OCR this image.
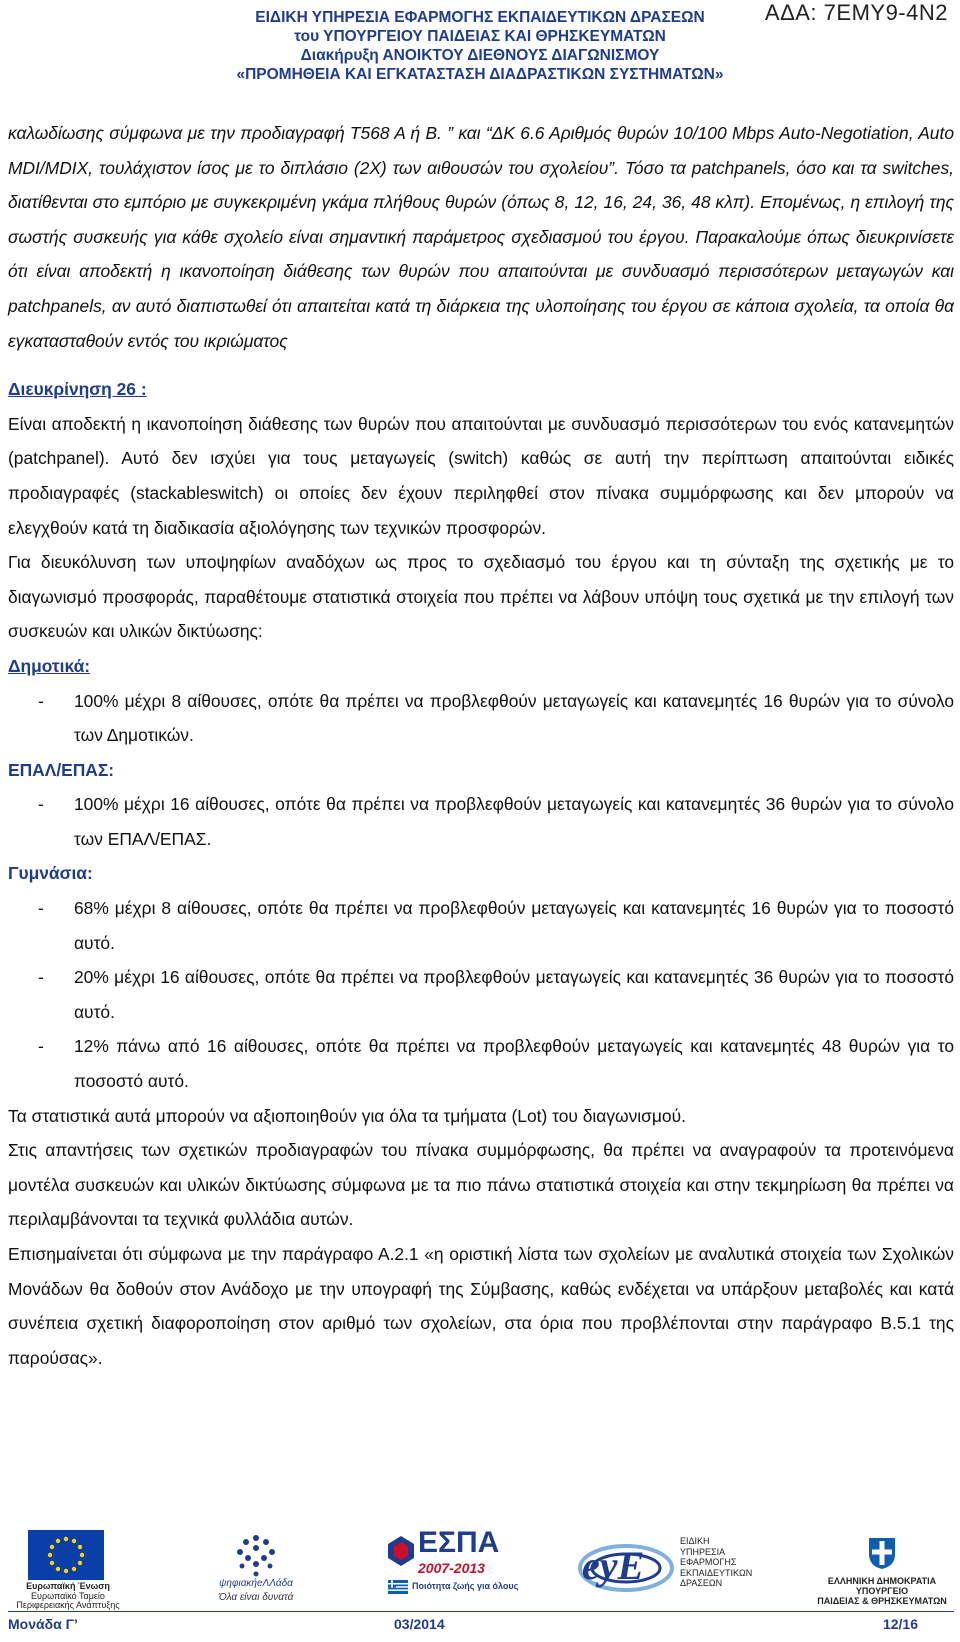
ΑΔΑ: 7ΕΜΥ9-4Ν2
ΕΙΔΙΚΗ ΥΠΗΡΕΣΙΑ ΕΦΑΡΜΟΓΗΣ ΕΚΠΑΙΔΕΥΤΙΚΩΝ ΔΡΑΣΕΩΝ
του ΥΠΟΥΡΓΕΙΟΥ ΠΑΙΔΕΙΑΣ ΚΑΙ ΘΡΗΣΚΕΥΜΑΤΩΝ
Διακήρυξη ΑΝΟΙΚΤΟΥ ΔΙΕΘΝΟΥΣ ΔΙΑΓΩΝΙΣΜΟΥ
«ΠΡΟΜΗΘΕΙΑ ΚΑΙ ΕΓΚΑΤΑΣΤΑΣΗ ΔΙΑΔΡΑΣΤΙΚΩΝ ΣΥΣΤΗΜΑΤΩΝ»

καλωδίωσης σύμφωνα με την προδιαγραφή T568 A ή B. ” και “ΔΚ 6.6 Αριθμός θυρών 10/100 Mbps Auto-Negotiation, Auto MDI/MDIX, τουλάχιστον ίσος με το διπλάσιο (2X) των αιθουσών του σχολείου”. Τόσο τα patchpanels, όσο και τα switches, διατίθενται στο εμπόριο με συγκεκριμένη γκάμα πλήθους θυρών (όπως 8, 12, 16, 24, 36, 48 κλπ). Επομένως, η επιλογή της σωστής συσκευής για κάθε σχολείο είναι σημαντική παράμετρος σχεδιασμού του έργου. Παρακαλούμε όπως διευκρινίσετε ότι είναι αποδεκτή η ικανοποίηση διάθεσης των θυρών που απαιτούνται με συνδυασμό περισσότερων μεταγωγών και patchpanels, αν αυτό διαπιστωθεί ότι απαιτείται κατά τη διάρκεια της υλοποίησης του έργου σε κάποια σχολεία, τα οποία θα εγκατασταθούν εντός του ικριώματος

Διευκρίνηση 26 :

Είναι αποδεκτή η ικανοποίηση διάθεσης των θυρών που απαιτούνται με συνδυασμό περισσότερων του ενός κατανεμητών (patchpanel). Αυτό δεν ισχύει για τους μεταγωγείς (switch) καθώς σε αυτή την περίπτωση απαιτούνται ειδικές προδιαγραφές (stackableswitch) οι οποίες δεν έχουν περιληφθεί στον πίνακα συμμόρφωσης και δεν μπορούν να ελεγχθούν κατά τη διαδικασία αξιολόγησης των τεχνικών προσφορών.

Για διευκόλυνση των υποψηφίων αναδόχων ως προς το σχεδιασμό του έργου και τη σύνταξη της σχετικής με το διαγωνισμό προσφοράς, παραθέτουμε στατιστικά στοιχεία που πρέπει να λάβουν υπόψη τους σχετικά με την επιλογή των συσκευών και υλικών δικτύωσης:

Δημοτικά:

-	100% μέχρι 8 αίθουσες, οπότε θα πρέπει να προβλεφθούν μεταγωγείς και κατανεμητές 16 θυρών για το σύνολο των Δημοτικών.

ΕΠΑΛ/ΕΠΑΣ:

-	100% μέχρι 16 αίθουσες, οπότε θα πρέπει να προβλεφθούν μεταγωγείς και κατανεμητές 36 θυρών για το σύνολο των ΕΠΑΛ/ΕΠΑΣ.

Γυμνάσια:

-	68% μέχρι 8 αίθουσες, οπότε θα πρέπει να προβλεφθούν μεταγωγείς και κατανεμητές 16 θυρών για το ποσοστό αυτό.
-	20% μέχρι 16 αίθουσες, οπότε θα πρέπει να προβλεφθούν μεταγωγείς και κατανεμητές 36 θυρών για το ποσοστό αυτό.
-	12% πάνω από 16 αίθουσες, οπότε θα πρέπει να προβλεφθούν μεταγωγείς και κατανεμητές 48 θυρών για το ποσοστό αυτό.

Τα στατιστικά αυτά μπορούν να αξιοποιηθούν για όλα τα τμήματα (Lot) του διαγωνισμού.

Στις απαντήσεις των σχετικών προδιαγραφών του πίνακα συμμόρφωσης, θα πρέπει να αναγραφούν τα προτεινόμενα μοντέλα συσκευών και υλικών δικτύωσης σύμφωνα με τα πιο πάνω στατιστικά στοιχεία και στην τεκμηρίωση θα πρέπει να περιλαμβάνονται τα τεχνικά φυλλάδια αυτών.

Επισημαίνεται ότι σύμφωνα με την παράγραφο Α.2.1 «η οριστική λίστα των σχολείων με αναλυτικά στοιχεία των Σχολικών Μονάδων θα δοθούν στον Ανάδοχο με την υπογραφή της Σύμβασης, καθώς ενδέχεται να υπάρξουν μεταβολές και κατά συνέπεια σχετική διαφοροποίηση στον αριθμό των σχολείων, στα όρια που προβλέπονται στην παράγραφο Β.5.1 της παρούσας».

Ευρωπαϊκή Ένωση
Ευρωπαϊκό Ταμείο
Περιφερειακής Ανάπτυξης
ψηφιακήeΛΛάδα
Όλα είναι δυνατά
ΕΣΠΑ
2007-2013
Ποιότητα ζωής για όλους eyE
ΕΙΔΙΚΗ
ΥΠΗΡΕΣΙΑ
ΕΦΑΡΜΟΓΗΣ
ΕΚΠΑΙΔΕΥΤΙΚΩΝ
ΔΡΑΣΕΩΝ	ΕΛΛΗΝΙΚΗ ΔΗΜΟΚΡΑΤΙΑ
ΥΠΟΥΡΓΕΙΟ
ΠΑΙΔΕΙΑΣ & ΘΡΗΣΚΕΥΜΑΤΩΝ
Μονάδα Γ’	03/2014	12/16
